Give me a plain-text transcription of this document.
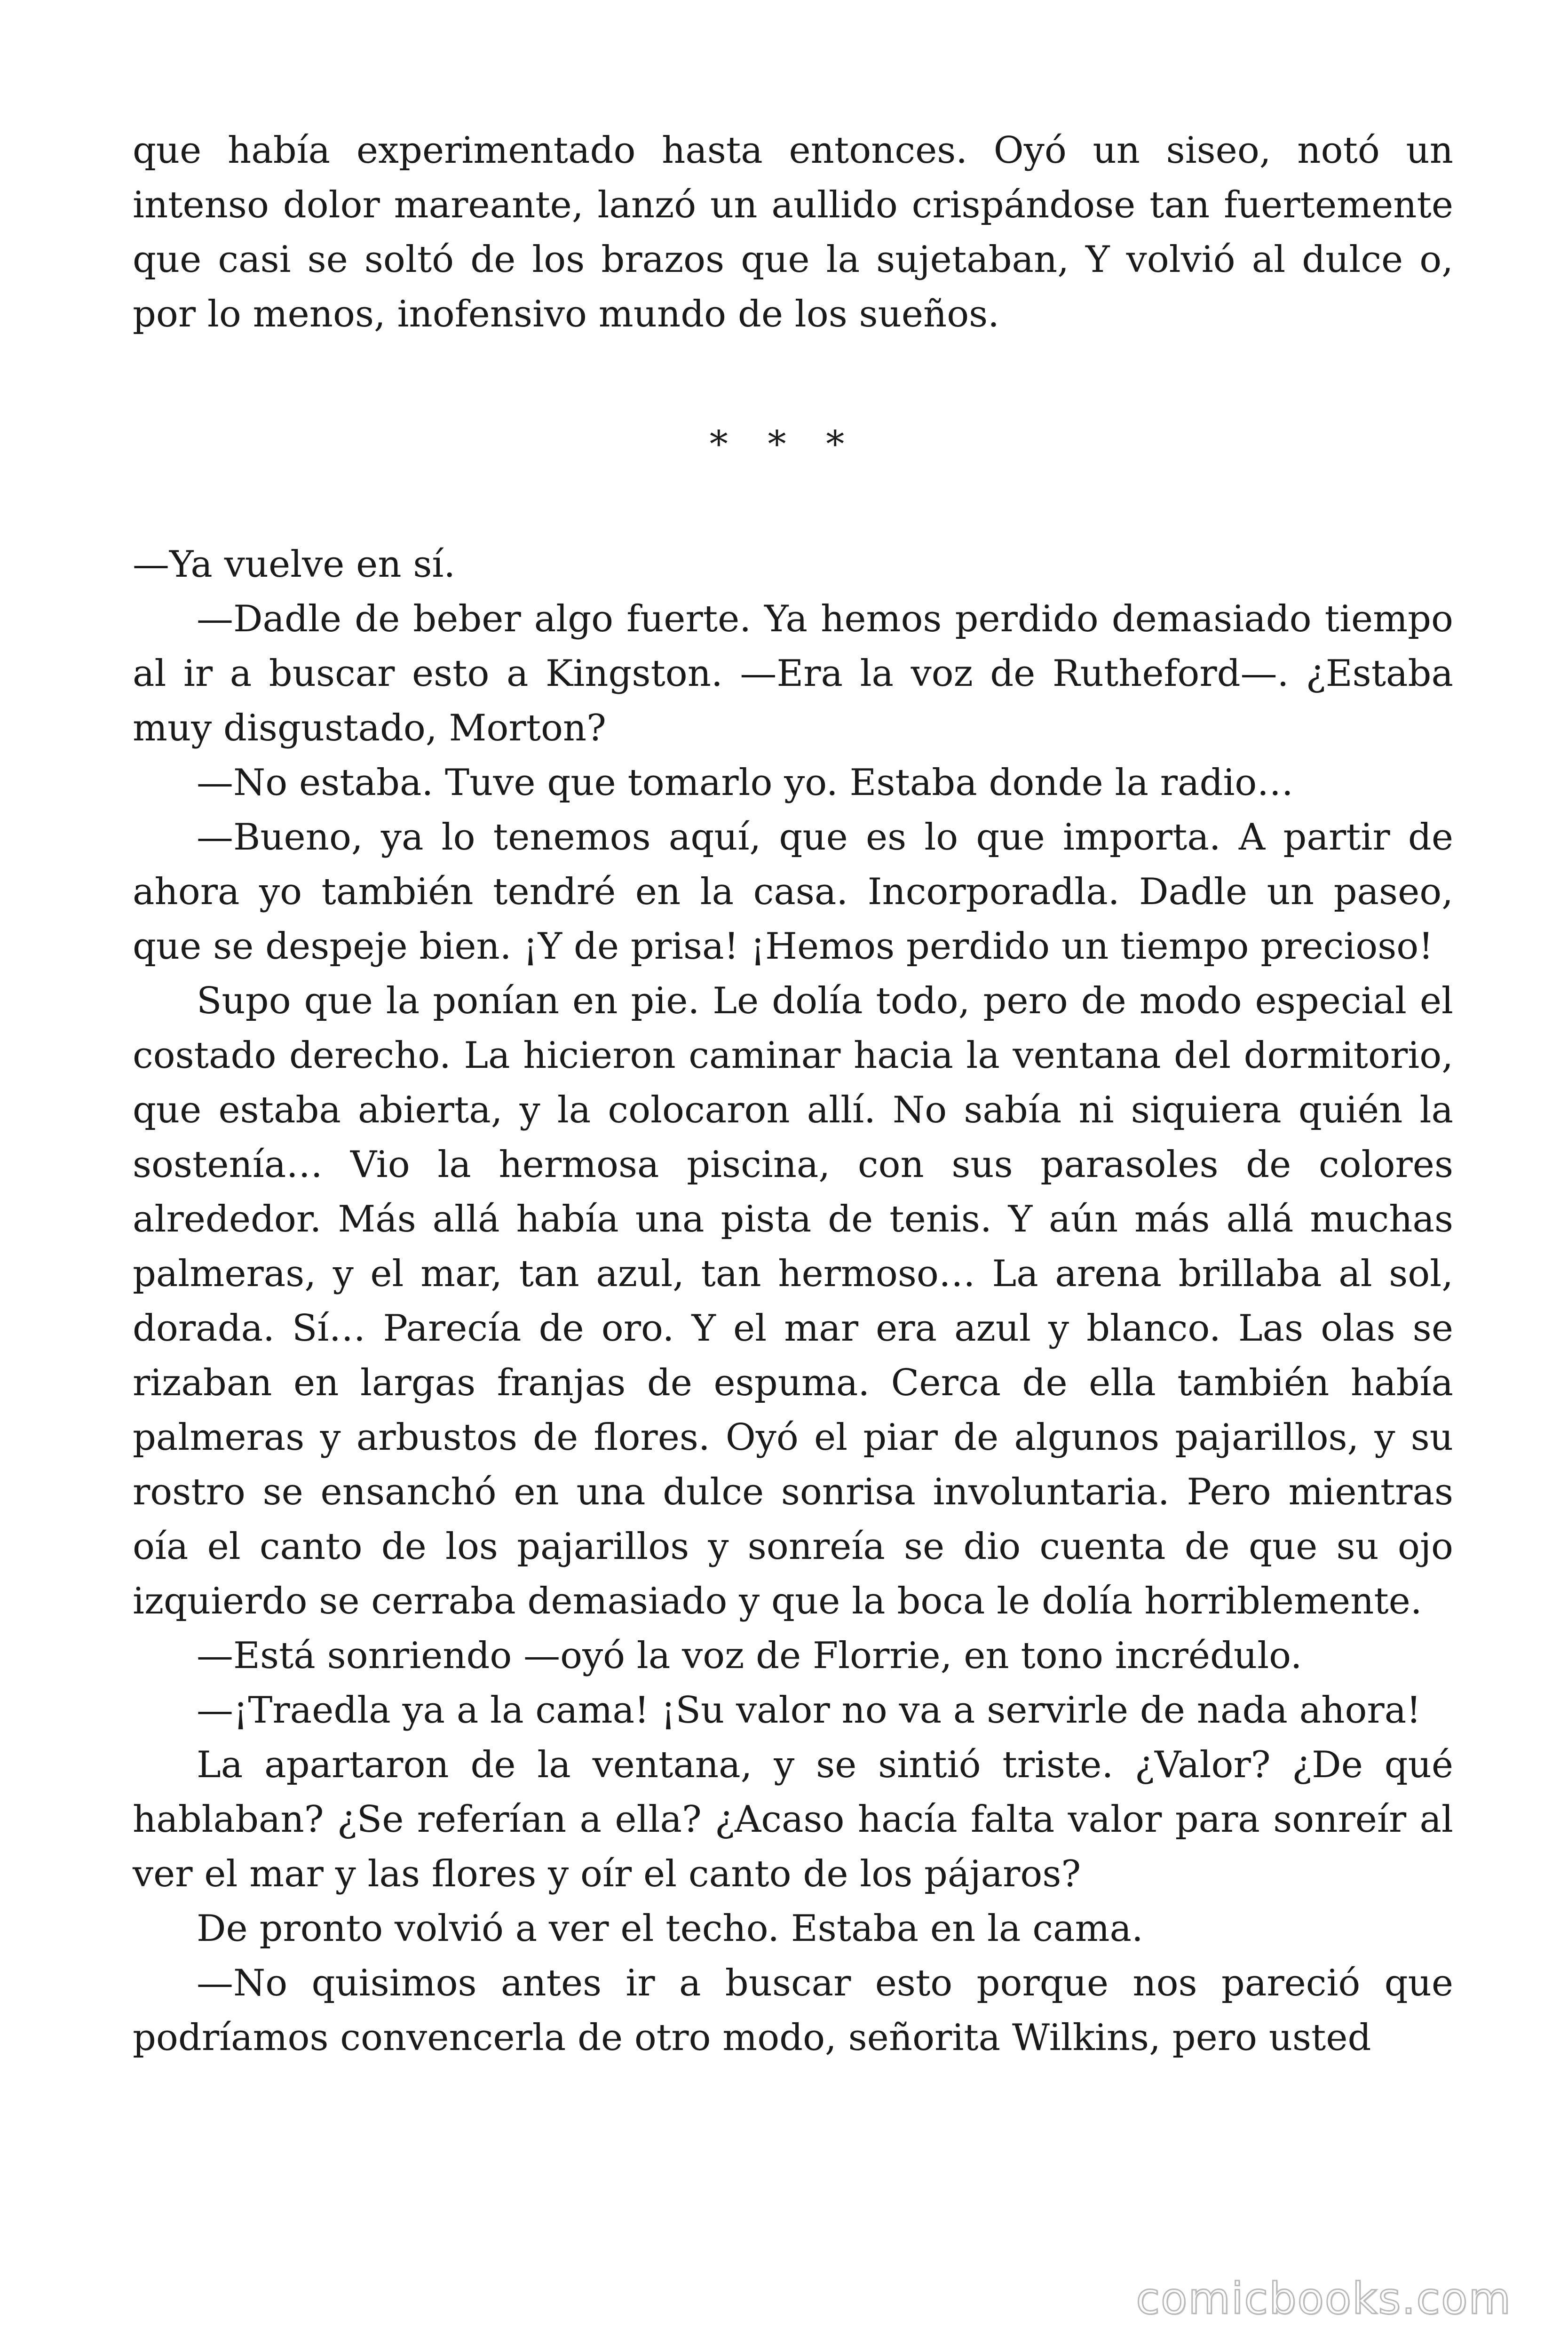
que había experimentado hasta entonces. Oyó un siseo, notó un intenso dolor mareante, lanzó un aullido crispándose tan fuertemente que casi se soltó de los brazos que la sujetaban, Y volvió al dulce o, por lo menos, inofensivo mundo de los sueños.

* * *

—Ya vuelve en sí.

—Dadle de beber algo fuerte. Ya hemos perdido demasiado tiempo al ir a buscar esto a Kingston. —Era la voz de Rutheford—. ¿Estaba muy disgustado, Morton?

—No estaba. Tuve que tomarlo yo. Estaba donde la radio…

—Bueno, ya lo tenemos aquí, que es lo que importa. A partir de ahora yo también tendré en la casa. Incorporadla. Dadle un paseo, que se despeje bien. ¡Y de prisa! ¡Hemos perdido un tiempo precioso!

Supo que la ponían en pie. Le dolía todo, pero de modo especial el costado derecho. La hicieron caminar hacia la ventana del dormitorio, que estaba abierta, y la colocaron allí. No sabía ni siquiera quién la sostenía… Vio la hermosa piscina, con sus parasoles de colores alrededor. Más allá había una pista de tenis. Y aún más allá muchas palmeras, y el mar, tan azul, tan hermoso… La arena brillaba al sol, dorada. Sí… Parecía de oro. Y el mar era azul y blanco. Las olas se rizaban en largas franjas de espuma. Cerca de ella también había palmeras y arbustos de flores. Oyó el piar de algunos pajarillos, y su rostro se ensanchó en una dulce sonrisa involuntaria. Pero mientras oía el canto de los pajarillos y sonreía se dio cuenta de que su ojo izquierdo se cerraba demasiado y que la boca le dolía horriblemente.

—Está sonriendo —oyó la voz de Florrie, en tono incrédulo.

—¡Traedla ya a la cama! ¡Su valor no va a servirle de nada ahora!

La apartaron de la ventana, y se sintió triste. ¿Valor? ¿De qué hablaban? ¿Se referían a ella? ¿Acaso hacía falta valor para sonreír al ver el mar y las flores y oír el canto de los pájaros?

De pronto volvió a ver el techo. Estaba en la cama.

—No quisimos antes ir a buscar esto porque nos pareció que podríamos convencerla de otro modo, señorita Wilkins, pero usted

comicbooks.com
